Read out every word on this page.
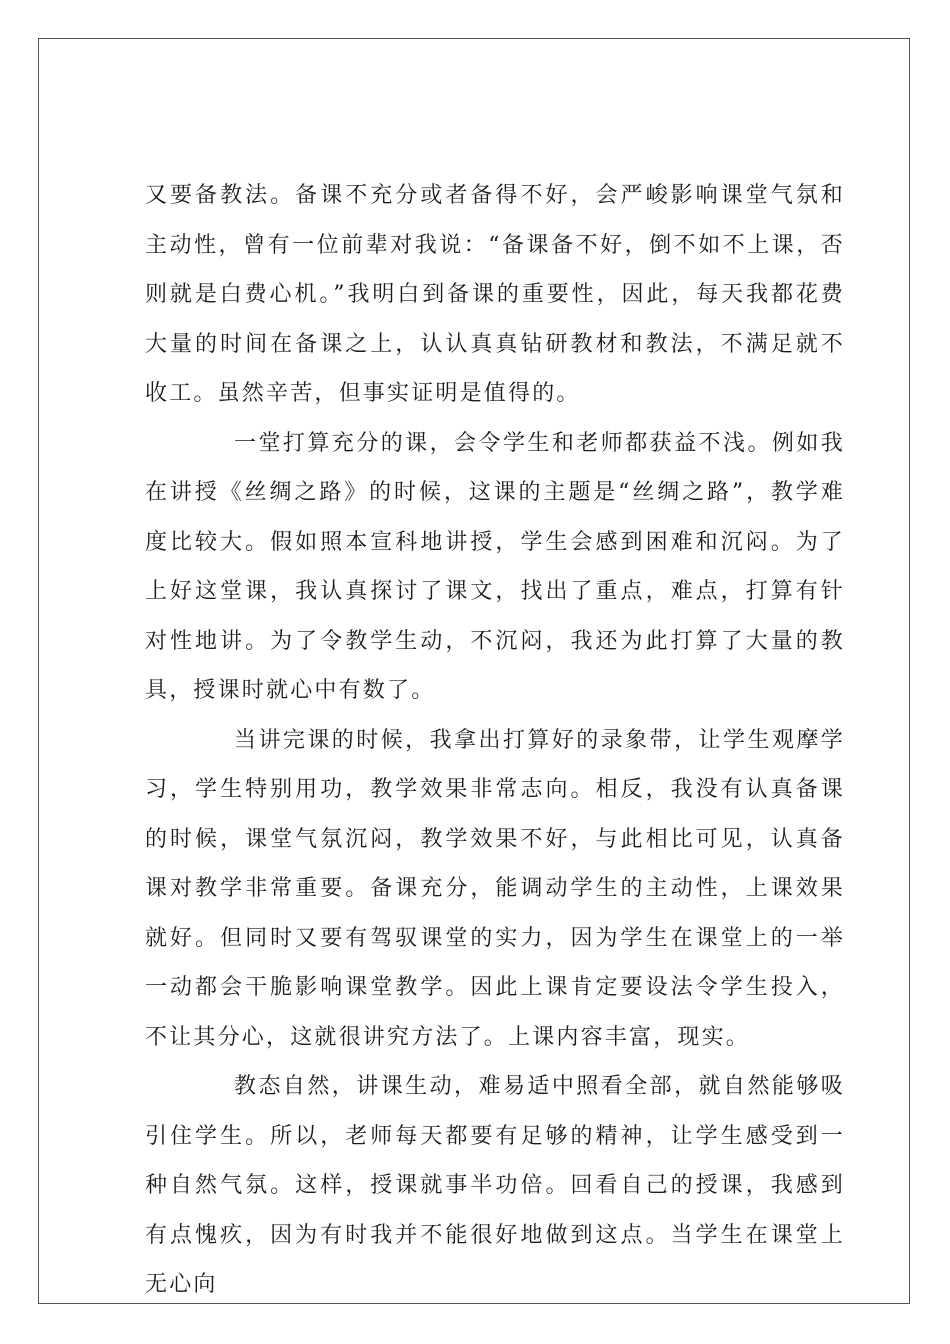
又要备教法。备课不充分或者备得不好，会严峻影响课堂气氛和主动性，曾有一位前辈对我说：“备课备不好，倒不如不上课，否则就是白费心机。”我明白到备课的重要性，因此，每天我都花费大量的时间在备课之上，认认真真钻研教材和教法，不满足就不收工。虽然辛苦，但事实证明是值得的。

一堂打算充分的课，会令学生和老师都获益不浅。例如我在讲授《丝绸之路》的时候，这课的主题是“丝绸之路”，教学难度比较大。假如照本宣科地讲授，学生会感到困难和沉闷。为了上好这堂课，我认真探讨了课文，找出了重点，难点，打算有针对性地讲。为了令教学生动，不沉闷，我还为此打算了大量的教具，授课时就心中有数了。

当讲完课的时候，我拿出打算好的录象带，让学生观摩学习，学生特别用功，教学效果非常志向。相反，我没有认真备课的时候，课堂气氛沉闷，教学效果不好，与此相比可见，认真备课对教学非常重要。备课充分，能调动学生的主动性，上课效果就好。但同时又要有驾驭课堂的实力，因为学生在课堂上的一举一动都会干脆影响课堂教学。因此上课肯定要设法令学生投入，不让其分心，这就很讲究方法了。上课内容丰富，现实。

教态自然，讲课生动，难易适中照看全部，就自然能够吸引住学生。所以，老师每天都要有足够的精神，让学生感受到一种自然气氛。这样，授课就事半功倍。回看自己的授课，我感到有点愧疚，因为有时我并不能很好地做到这点。当学生在课堂上无心向
